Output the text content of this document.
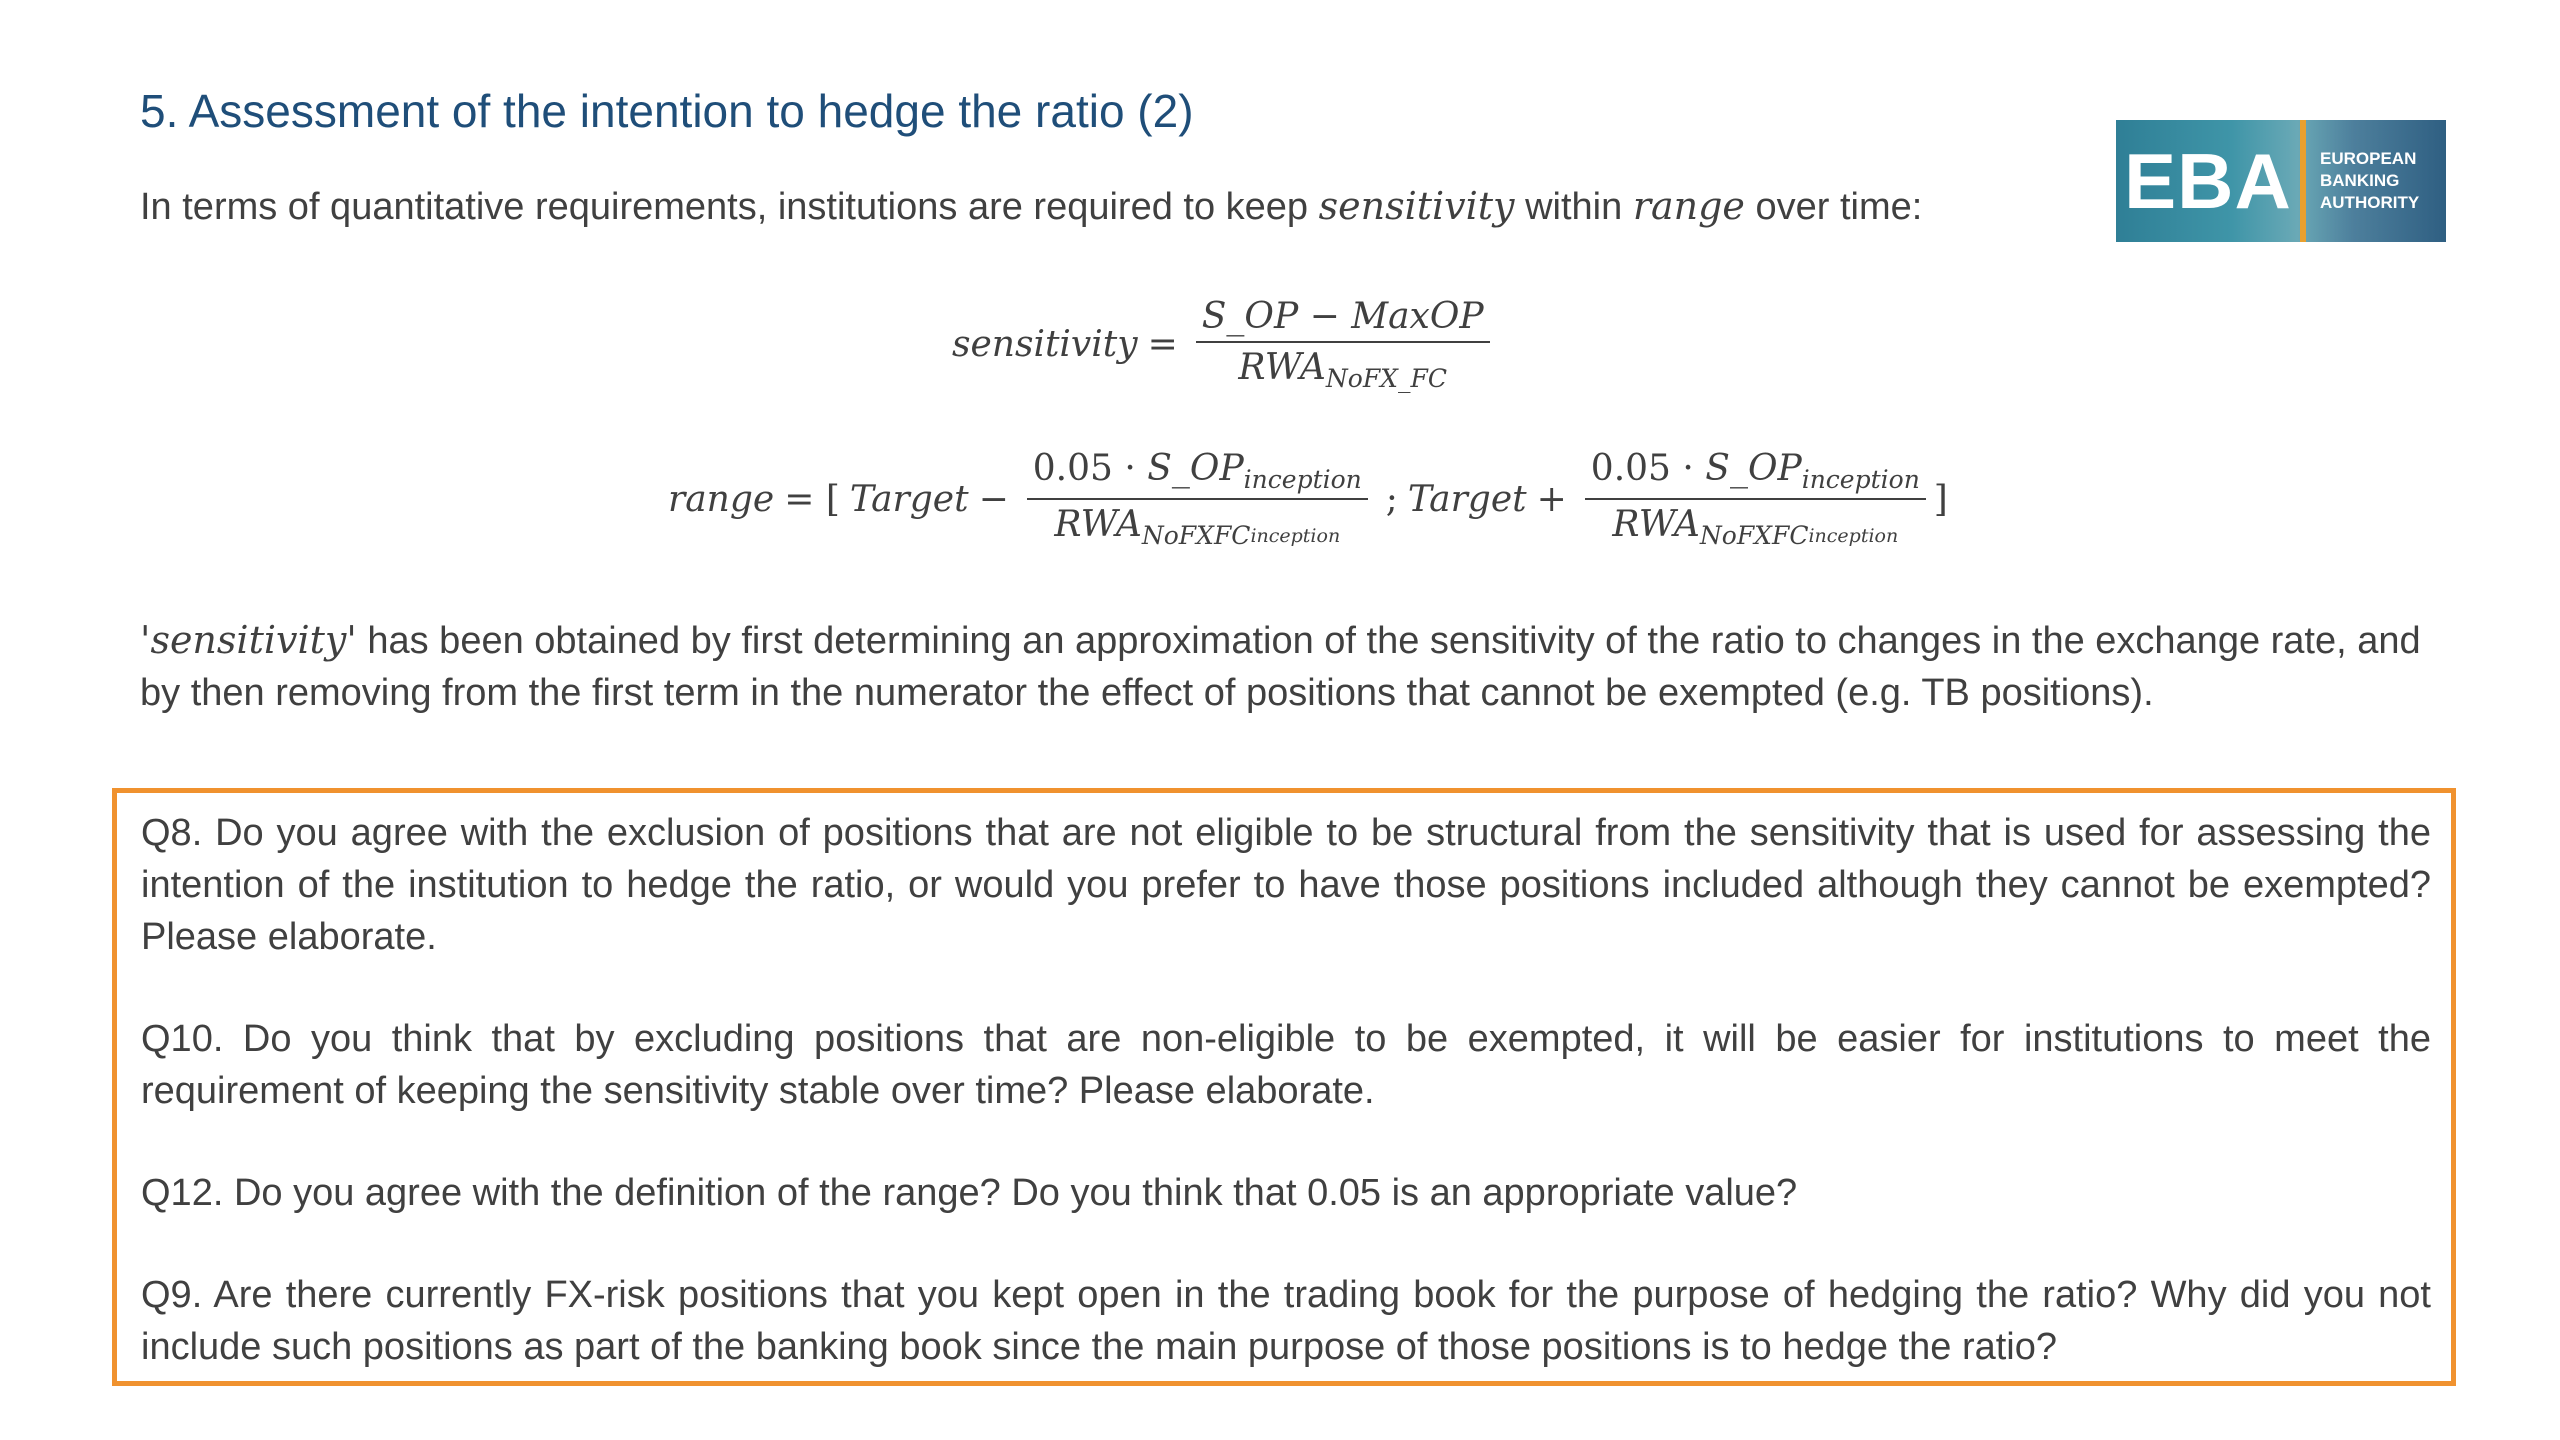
5. Assessment of the intention to hedge the ratio (2)
In terms of quantitative requirements, institutions are required to keep sensitivity within range over time:	EBA	EUROPEAN
BANKING
AUTHORITY
sensitivity = $\frac{\text{S\_OP − MaxOP}}{RWA_{NoFX\_FC}}$
range = [ Target − $\frac{0.05 \cdot S\_OP_{inception}}{RWA_{NoFXFC}inception}$ ; Target + $\frac{0.05 \cdot S\_OP_{inception}}{RWA_{NoFXFC}inception}$ ]
'sensitivity' has been obtained by first determining an approximation of the sensitivity of the ratio to changes in the exchange rate, and by then removing from the first term in the numerator the effect of positions that cannot be exempted (e.g. TB positions).

Q8. Do you agree with the exclusion of positions that are not eligible to be structural from the sensitivity that is used for assessing the intention of the institution to hedge the ratio, or would you prefer to have those positions included although they cannot be exempted? Please elaborate.

Q10. Do you think that by excluding positions that are non-eligible to be exempted, it will be easier for institutions to meet the requirement of keeping the sensitivity stable over time? Please elaborate.

Q12. Do you agree with the definition of the range? Do you think that 0.05 is an appropriate value?

Q9. Are there currently FX-risk positions that you kept open in the trading book for the purpose of hedging the ratio? Why did you not include such positions as part of the banking book since the main purpose of those positions is to hedge the ratio?
